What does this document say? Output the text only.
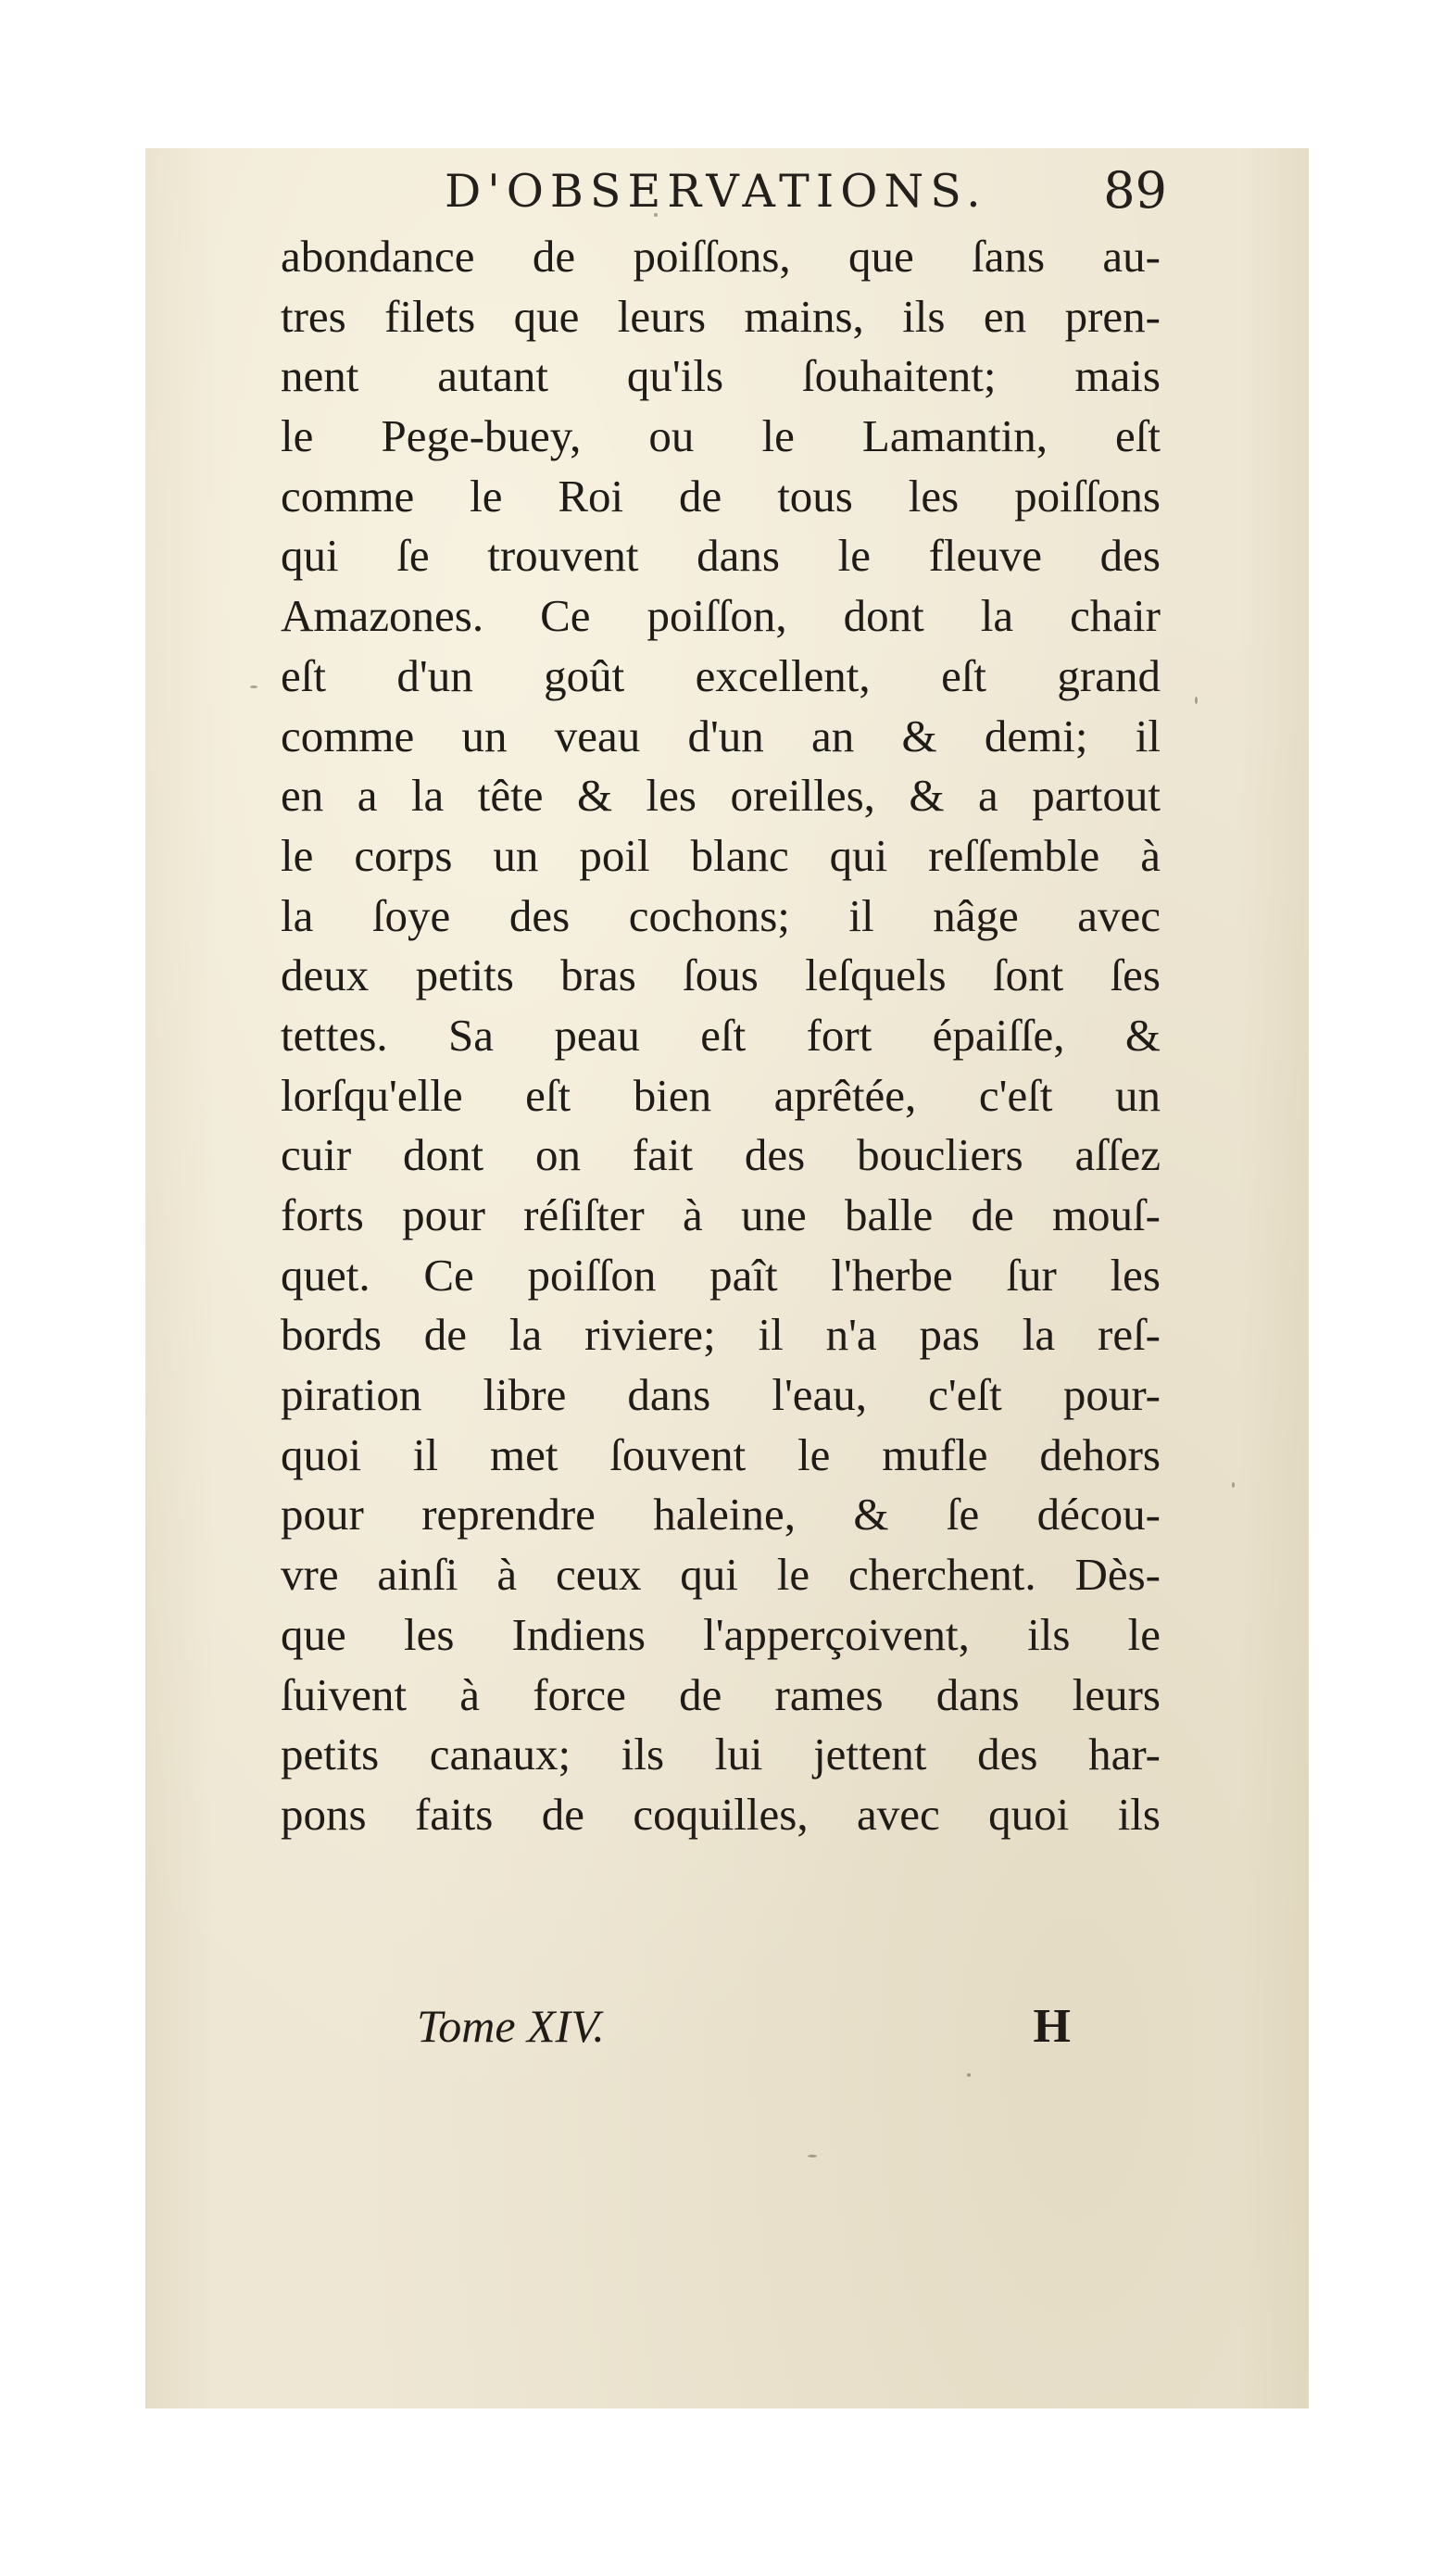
D'OBSERVATIONS. 89
abondance de poiſſons, que ſans au-
tres filets que leurs mains, ils en pren-
nent autant qu'ils ſouhaitent; mais
le Pege-buey, ou le Lamantin, eſt
comme le Roi de tous les poiſſons
qui ſe trouvent dans le fleuve des
Amazones. Ce poiſſon, dont la chair
eſt d'un goût excellent, eſt grand
comme un veau d'un an & demi; il
en a la tête & les oreilles, & a partout
le corps un poil blanc qui reſſemble à
la ſoye des cochons; il nâge avec
deux petits bras ſous leſquels ſont ſes
tettes. Sa peau eſt fort épaiſſe, &
lorſqu'elle eſt bien aprêtée, c'eſt un
cuir dont on fait des boucliers aſſez
forts pour réſiſter à une balle de mouſ-
quet. Ce poiſſon paît l'herbe ſur les
bords de la riviere; il n'a pas la reſ-
piration libre dans l'eau, c'eſt pour-
quoi il met ſouvent le mufle dehors
pour reprendre haleine, & ſe décou-
vre ainſi à ceux qui le cherchent. Dès-
que les Indiens l'apperçoivent, ils le
ſuivent à force de rames dans leurs
petits canaux; ils lui jettent des har-
pons faits de coquilles, avec quoi ils
Tome XIV.	H
